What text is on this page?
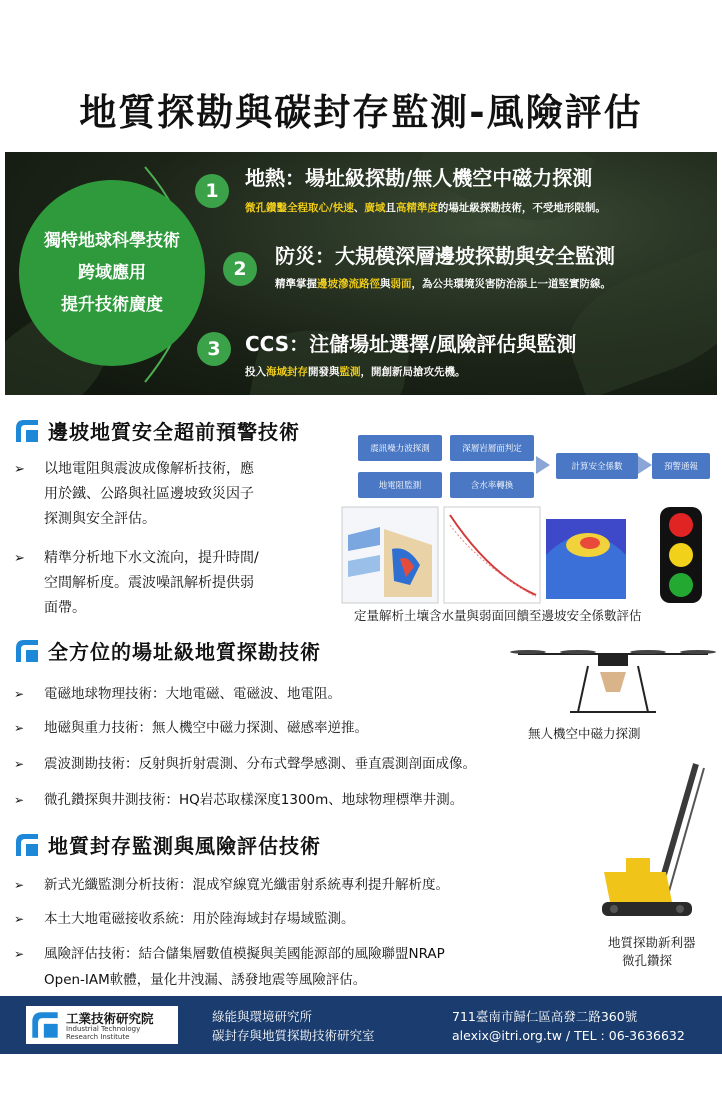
地質探勘與碳封存監測-風險評估
獨特地球科學技術
跨域應用
提升技術廣度
1
地熱：場址級探勘/無人機空中磁力探測
微孔鑽鑿全程取心/快速、廣域且高精準度的場址級探勘技術，不受地形限制。
2
防災：大規模深層邊坡探勘與安全監測
精準掌握邊坡滲流路徑與弱面，為公共環境災害防治添上一道堅實防線。
3	CCS：注儲場址選擇/風險評估與監測
投入海域封存開發與監測，開創新局搶攻先機。
邊坡地質安全超前預警技術
➢	以地電阻與震波成像解析技術，應
用於鐵、公路與社區邊坡致災因子
探測與安全評估。
➢	精準分析地下水文流向，提升時間/
空間解析度。震波噪訊解析提供弱
面帶。
震訊噪力波探測	深層岩層面判定
地電阻監測	含水率轉換
計算安全係數	預警通報
定量解析土壤含水量與弱面回饋至邊坡安全係數評估
全方位的場址級地質探勘技術
無人機空中磁力探測
➢ 電磁地球物理技術：大地電磁、電磁波、地電阻。
➢ 地磁與重力技術：無人機空中磁力探測、磁感率逆推。
➢ 震波測勘技術：反射與折射震測、分布式聲學感測、垂直震測剖面成像。
➢ 微孔鑽探與井測技術：HQ岩芯取樣深度1300m、地球物理標準井測。
地質封存監測與風險評估技術
➢ 新式光纖監測分析技術：混成窄線寬光纖雷射系統專利提升解析度。
➢ 本土大地電磁接收系統：用於陸海域封存場域監測。
➢ 風險評估技術：結合儲集層數值模擬與美國能源部的風險聯盟NRAP
Open-IAM軟體，量化井洩漏、誘發地震等風險評估。
地質探勘新利器
微孔鑽探
工業技術研究院
Industrial Technology
Research Institute
綠能與環境研究所
碳封存與地質探勘技術研究室
711臺南市歸仁區高發二路360號
alexix@itri.org.tw / TEL : 06-3636632
